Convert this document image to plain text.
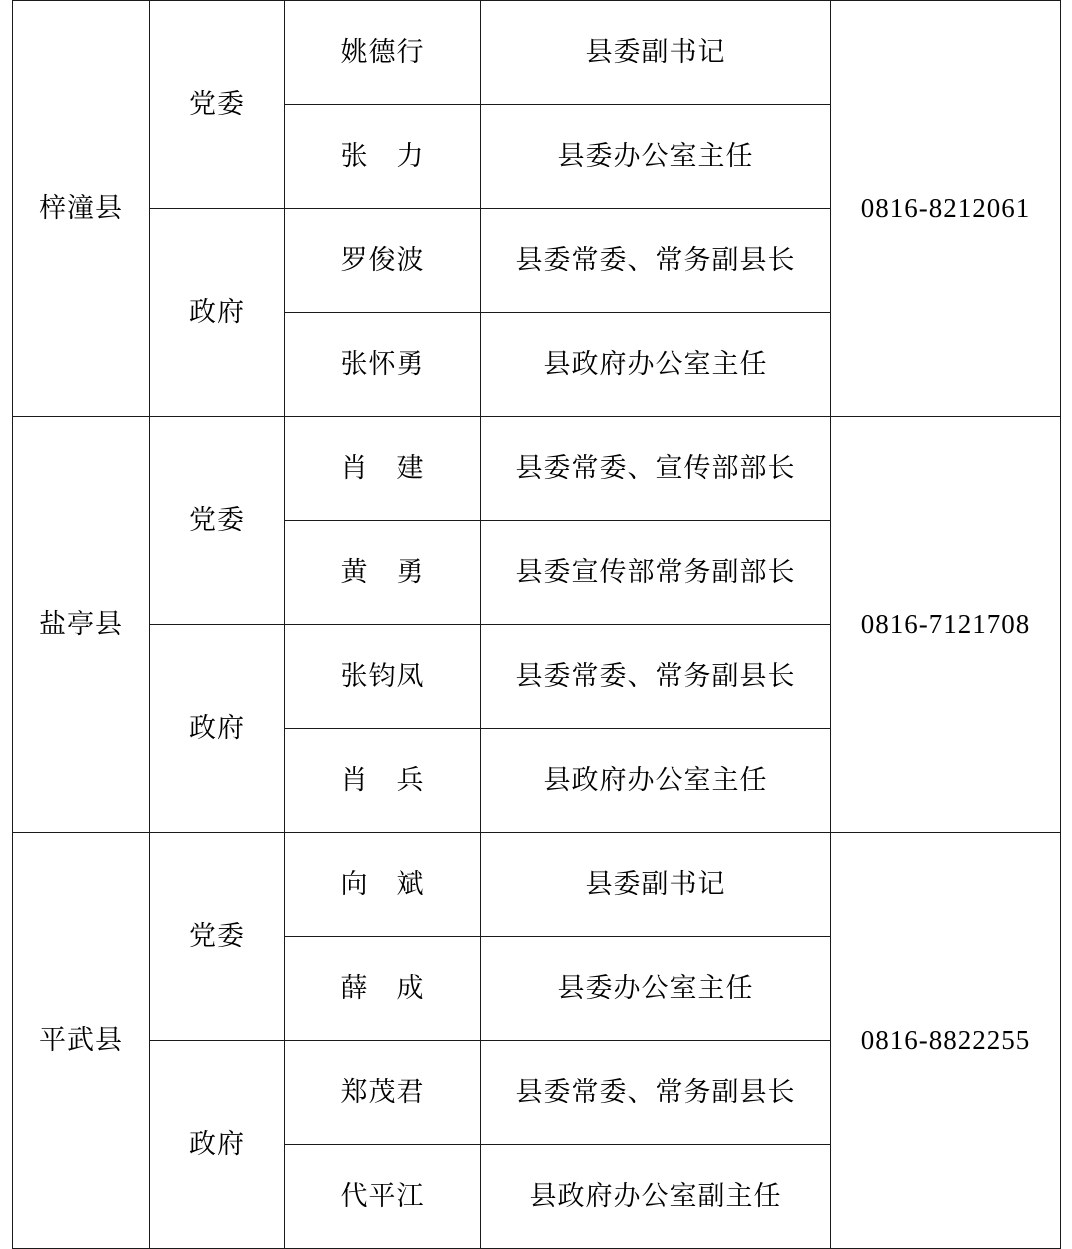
梓潼县	党委	姚德行	县委副书记	0816-8212061
		张　力	县委办公室主任	
	政府	罗俊波	县委常委、常务副县长	
		张怀勇	县政府办公室主任	
盐亭县	党委	肖　建	县委常委、宣传部部长	0816-7121708
		黄　勇	县委宣传部常务副部长	
	政府	张钧凤	县委常委、常务副县长	
		肖　兵	县政府办公室主任	
平武县	党委	向　斌	县委副书记	0816-8822255
		薛　成	县委办公室主任	
	政府	郑茂君	县委常委、常务副县长	
		代平江	县政府办公室副主任	
